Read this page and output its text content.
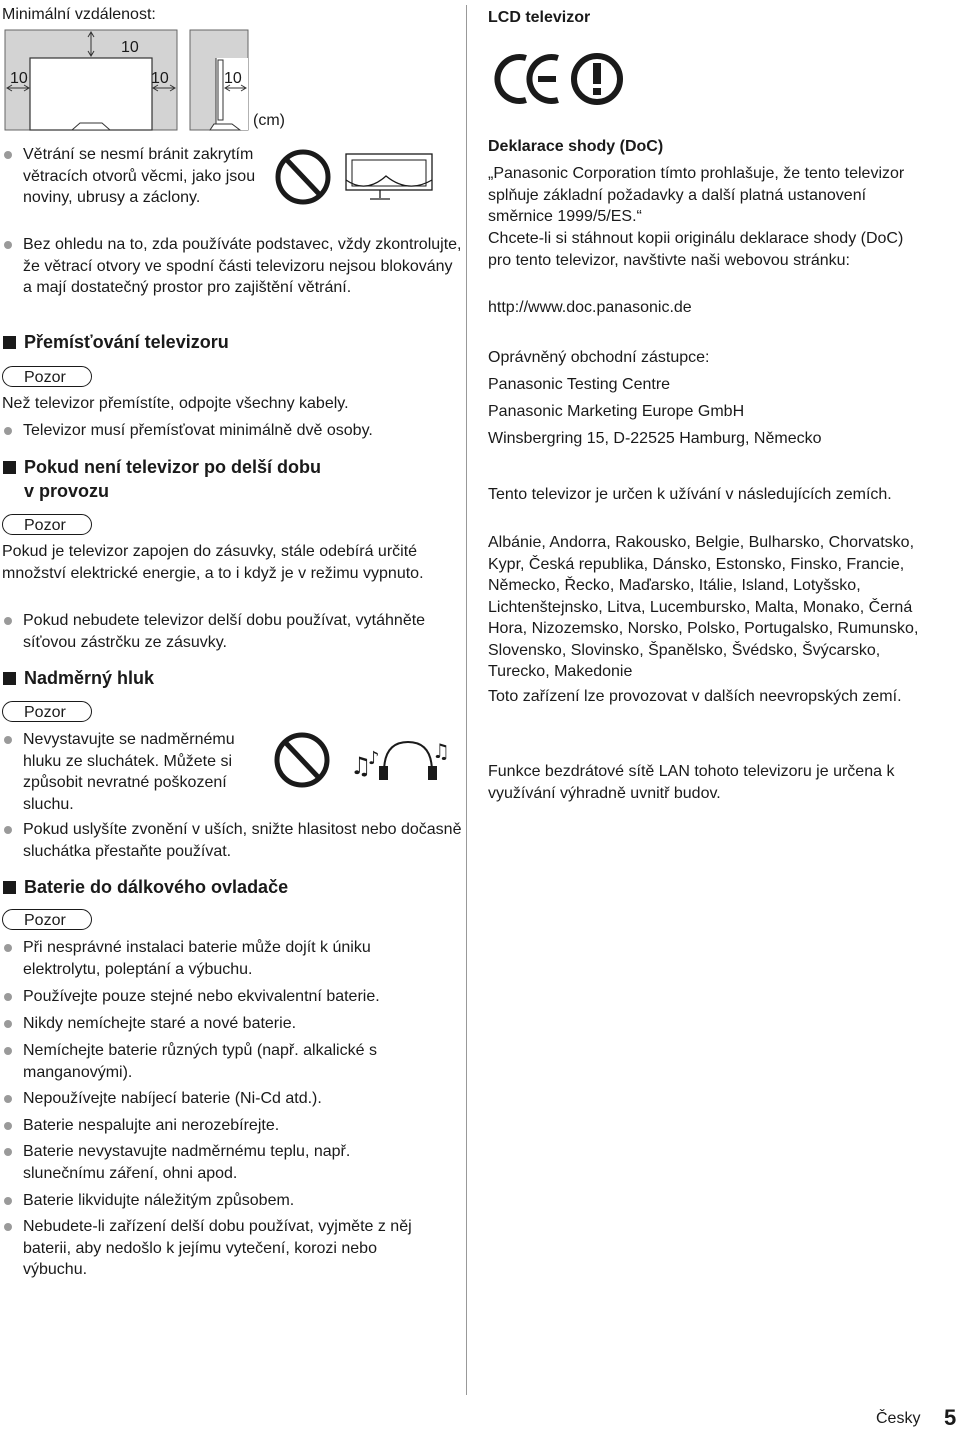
Minimální vzdálenost:
10
10	10	10
(cm)
Větrání se nesmí bránit zakrytím větracích otvorů věcmi, jako jsou noviny, ubrusy a záclony.
Bez ohledu na to, zda používáte podstavec, vždy zkontrolujte, že větrací otvory ve spodní části televizoru nejsou blokovány a mají dostatečný prostor pro zajištění větrání.
Přemísťování televizoru
Pozor
Než televizor přemístíte, odpojte všechny kabely.
Televizor musí přemísťovat minimálně dvě osoby.
Pokud není televizor po delší dobu
v provozu
Pozor
Pokud je televizor zapojen do zásuvky, stále odebírá určité množství elektrické energie, a to i když je v režimu vypnuto.
Pokud nebudete televizor delší dobu používat, vytáhněte síťovou zástrčku ze zásuvky.
Nadměrný hluk
Pozor
Nevystavujte se nadměrnému hluku ze sluchátek. Můžete si způsobit nevratné poškození sluchu.
♫
♪	♫
Pokud uslyšíte zvonění v uších, snižte hlasitost nebo dočasně sluchátka přestaňte používat.
Baterie do dálkového ovladače
Pozor
Při nesprávné instalaci baterie může dojít k úniku elektrolytu, poleptání a výbuchu.
Používejte pouze stejné nebo ekvivalentní baterie.
Nikdy nemíchejte staré a nové baterie.
Nemíchejte baterie různých typů (např. alkalické s manganovými).
Nepoužívejte nabíjecí baterie (Ni-Cd atd.).
Baterie nespalujte ani nerozebírejte.
Baterie nevystavujte nadměrnému teplu, např. slunečnímu záření, ohni apod.
Baterie likvidujte náležitým způsobem.
Nebudete-li zařízení delší dobu používat, vyjměte z něj baterii, aby nedošlo k jejímu vytečení, korozi nebo výbuchu.
LCD televizor
Deklarace shody (DoC)
„Panasonic Corporation tímto prohlašuje, že tento televizor splňuje základní požadavky a další platná ustanovení směrnice 1999/5/ES.“
Chcete-li si stáhnout kopii originálu deklarace shody (DoC) pro tento televizor, navštivte naši webovou stránku:
http://www.doc.panasonic.de
Oprávněný obchodní zástupce:
Panasonic Testing Centre
Panasonic Marketing Europe GmbH
Winsbergring 15, D-22525 Hamburg, Německo
Tento televizor je určen k užívání v následujících zemích.
Albánie, Andorra, Rakousko, Belgie, Bulharsko, Chorvatsko, Kypr, Česká republika, Dánsko, Estonsko, Finsko, Francie, Německo, Řecko, Maďarsko, Itálie, Island, Lotyšsko, Lichtenštejnsko, Litva, Lucembursko, Malta, Monako, Černá Hora, Nizozemsko, Norsko, Polsko, Portugalsko, Rumunsko, Slovensko, Slovinsko, Španělsko, Švédsko, Švýcarsko, Turecko, Makedonie
Toto zařízení lze provozovat v dalších neevropských zemí.
Funkce bezdrátové sítě LAN tohoto televizoru je určena k využívání výhradně uvnitř budov.
Česky 5
